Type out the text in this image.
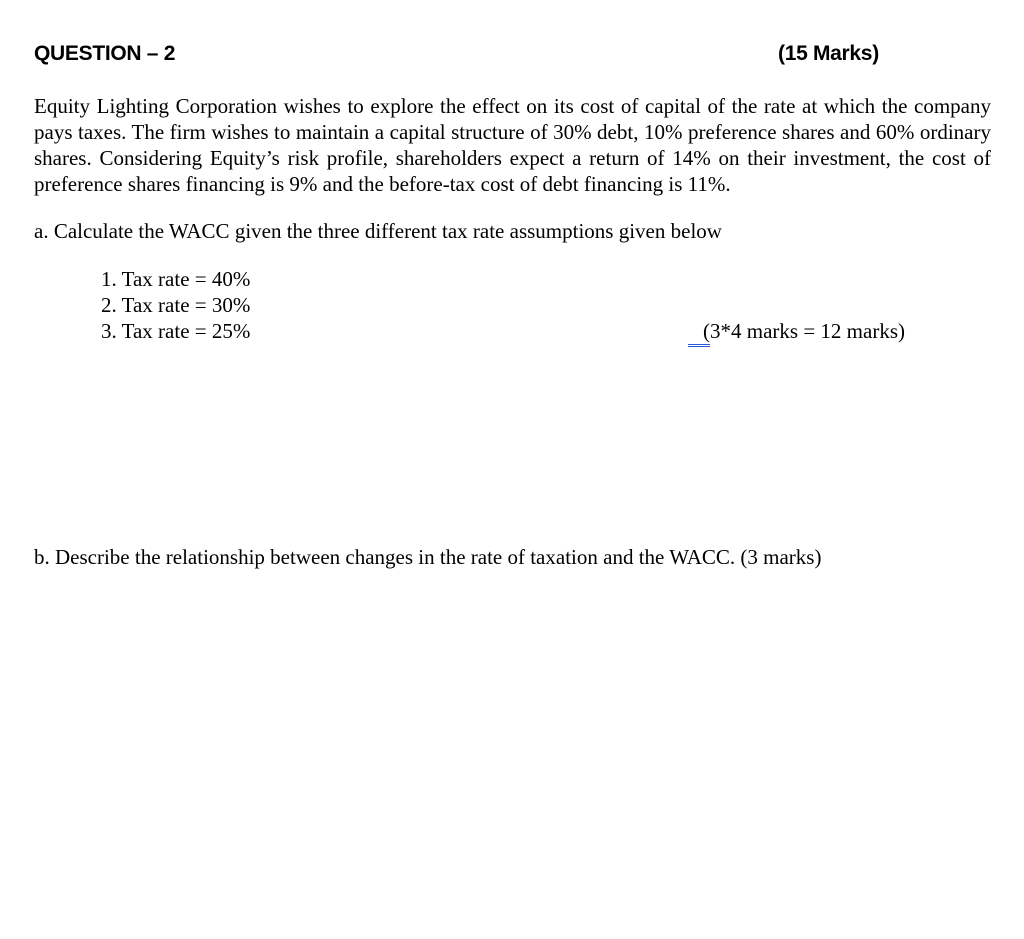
QUESTION – 2	(15 Marks)

Equity Lighting Corporation wishes to explore the effect on its cost of capital of the rate at which the company pays taxes. The firm wishes to maintain a capital structure of 30% debt, 10% preference shares and 60% ordinary shares. Considering Equity’s risk profile, shareholders expect a return of 14% on their investment, the cost of preference shares financing is 9% and the before-tax cost of debt financing is 11%.

a. Calculate the WACC given the three different tax rate assumptions given below
1. Tax rate = 40%
2. Tax rate = 30%
3. Tax rate = 25%	(3*4 marks = 12 marks)
b. Describe the relationship between changes in the rate of taxation and the WACC. (3 marks)
